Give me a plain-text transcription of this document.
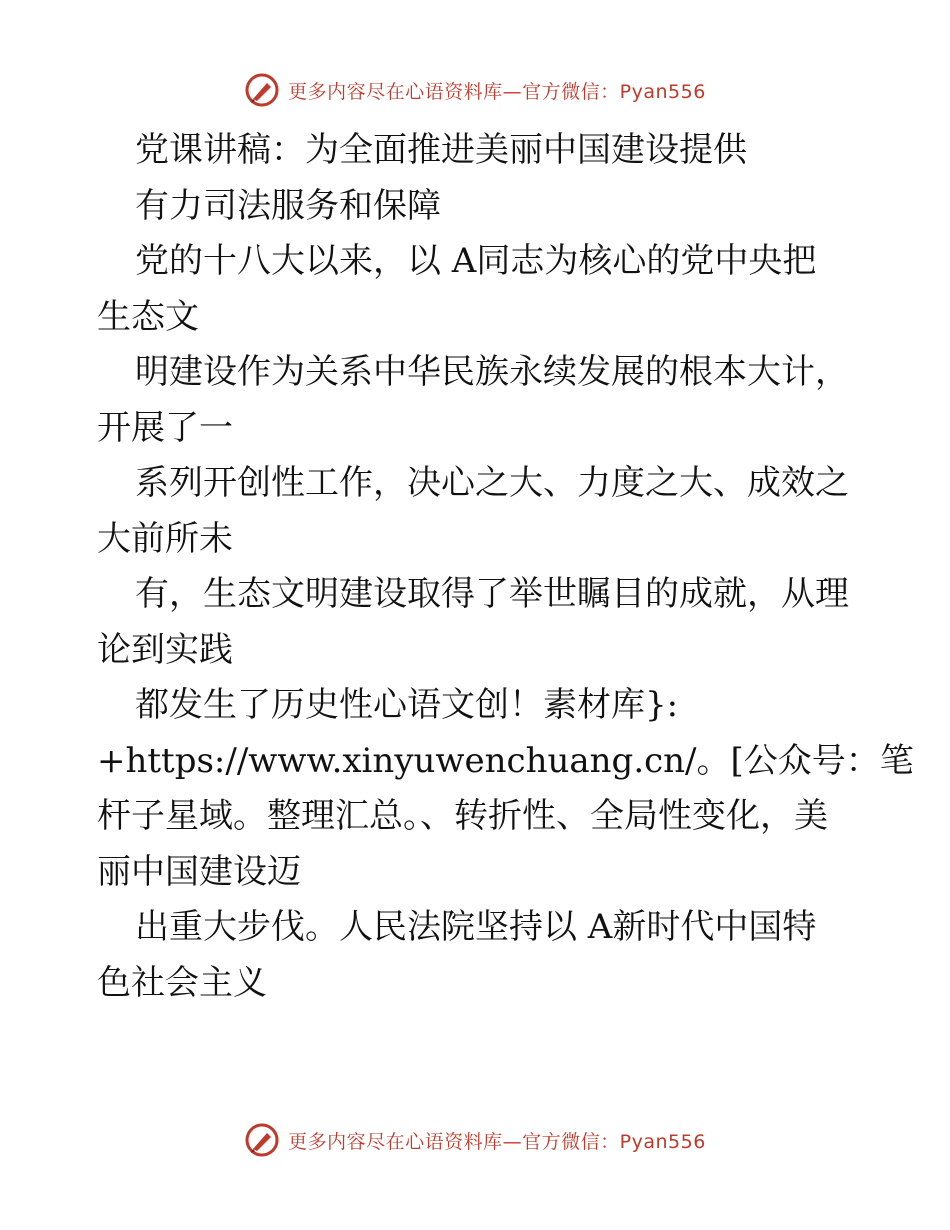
更多内容尽在心语资料库—官方微信：Pyan556
党课讲稿：为全面推进美丽中国建设提供
有力司法服务和保障
党的十八大以来，以 A同志为核心的党中央把
生态文
明建设作为关系中华民族永续发展的根本大计，
开展了一
系列开创性工作，决心之大、力度之大、成效之
大前所未
有，生态文明建设取得了举世瞩目的成就，从理
论到实践
都发生了历史性心语文创！素材库}:
+https://www.xinyuwenchuang.cn/。[公众号：笔
杆子星域。整理汇总。、转折性、全局性变化，美
丽中国建设迈
出重大步伐。人民法院坚持以 A新时代中国特
色社会主义
更多内容尽在心语资料库—官方微信：Pyan556
